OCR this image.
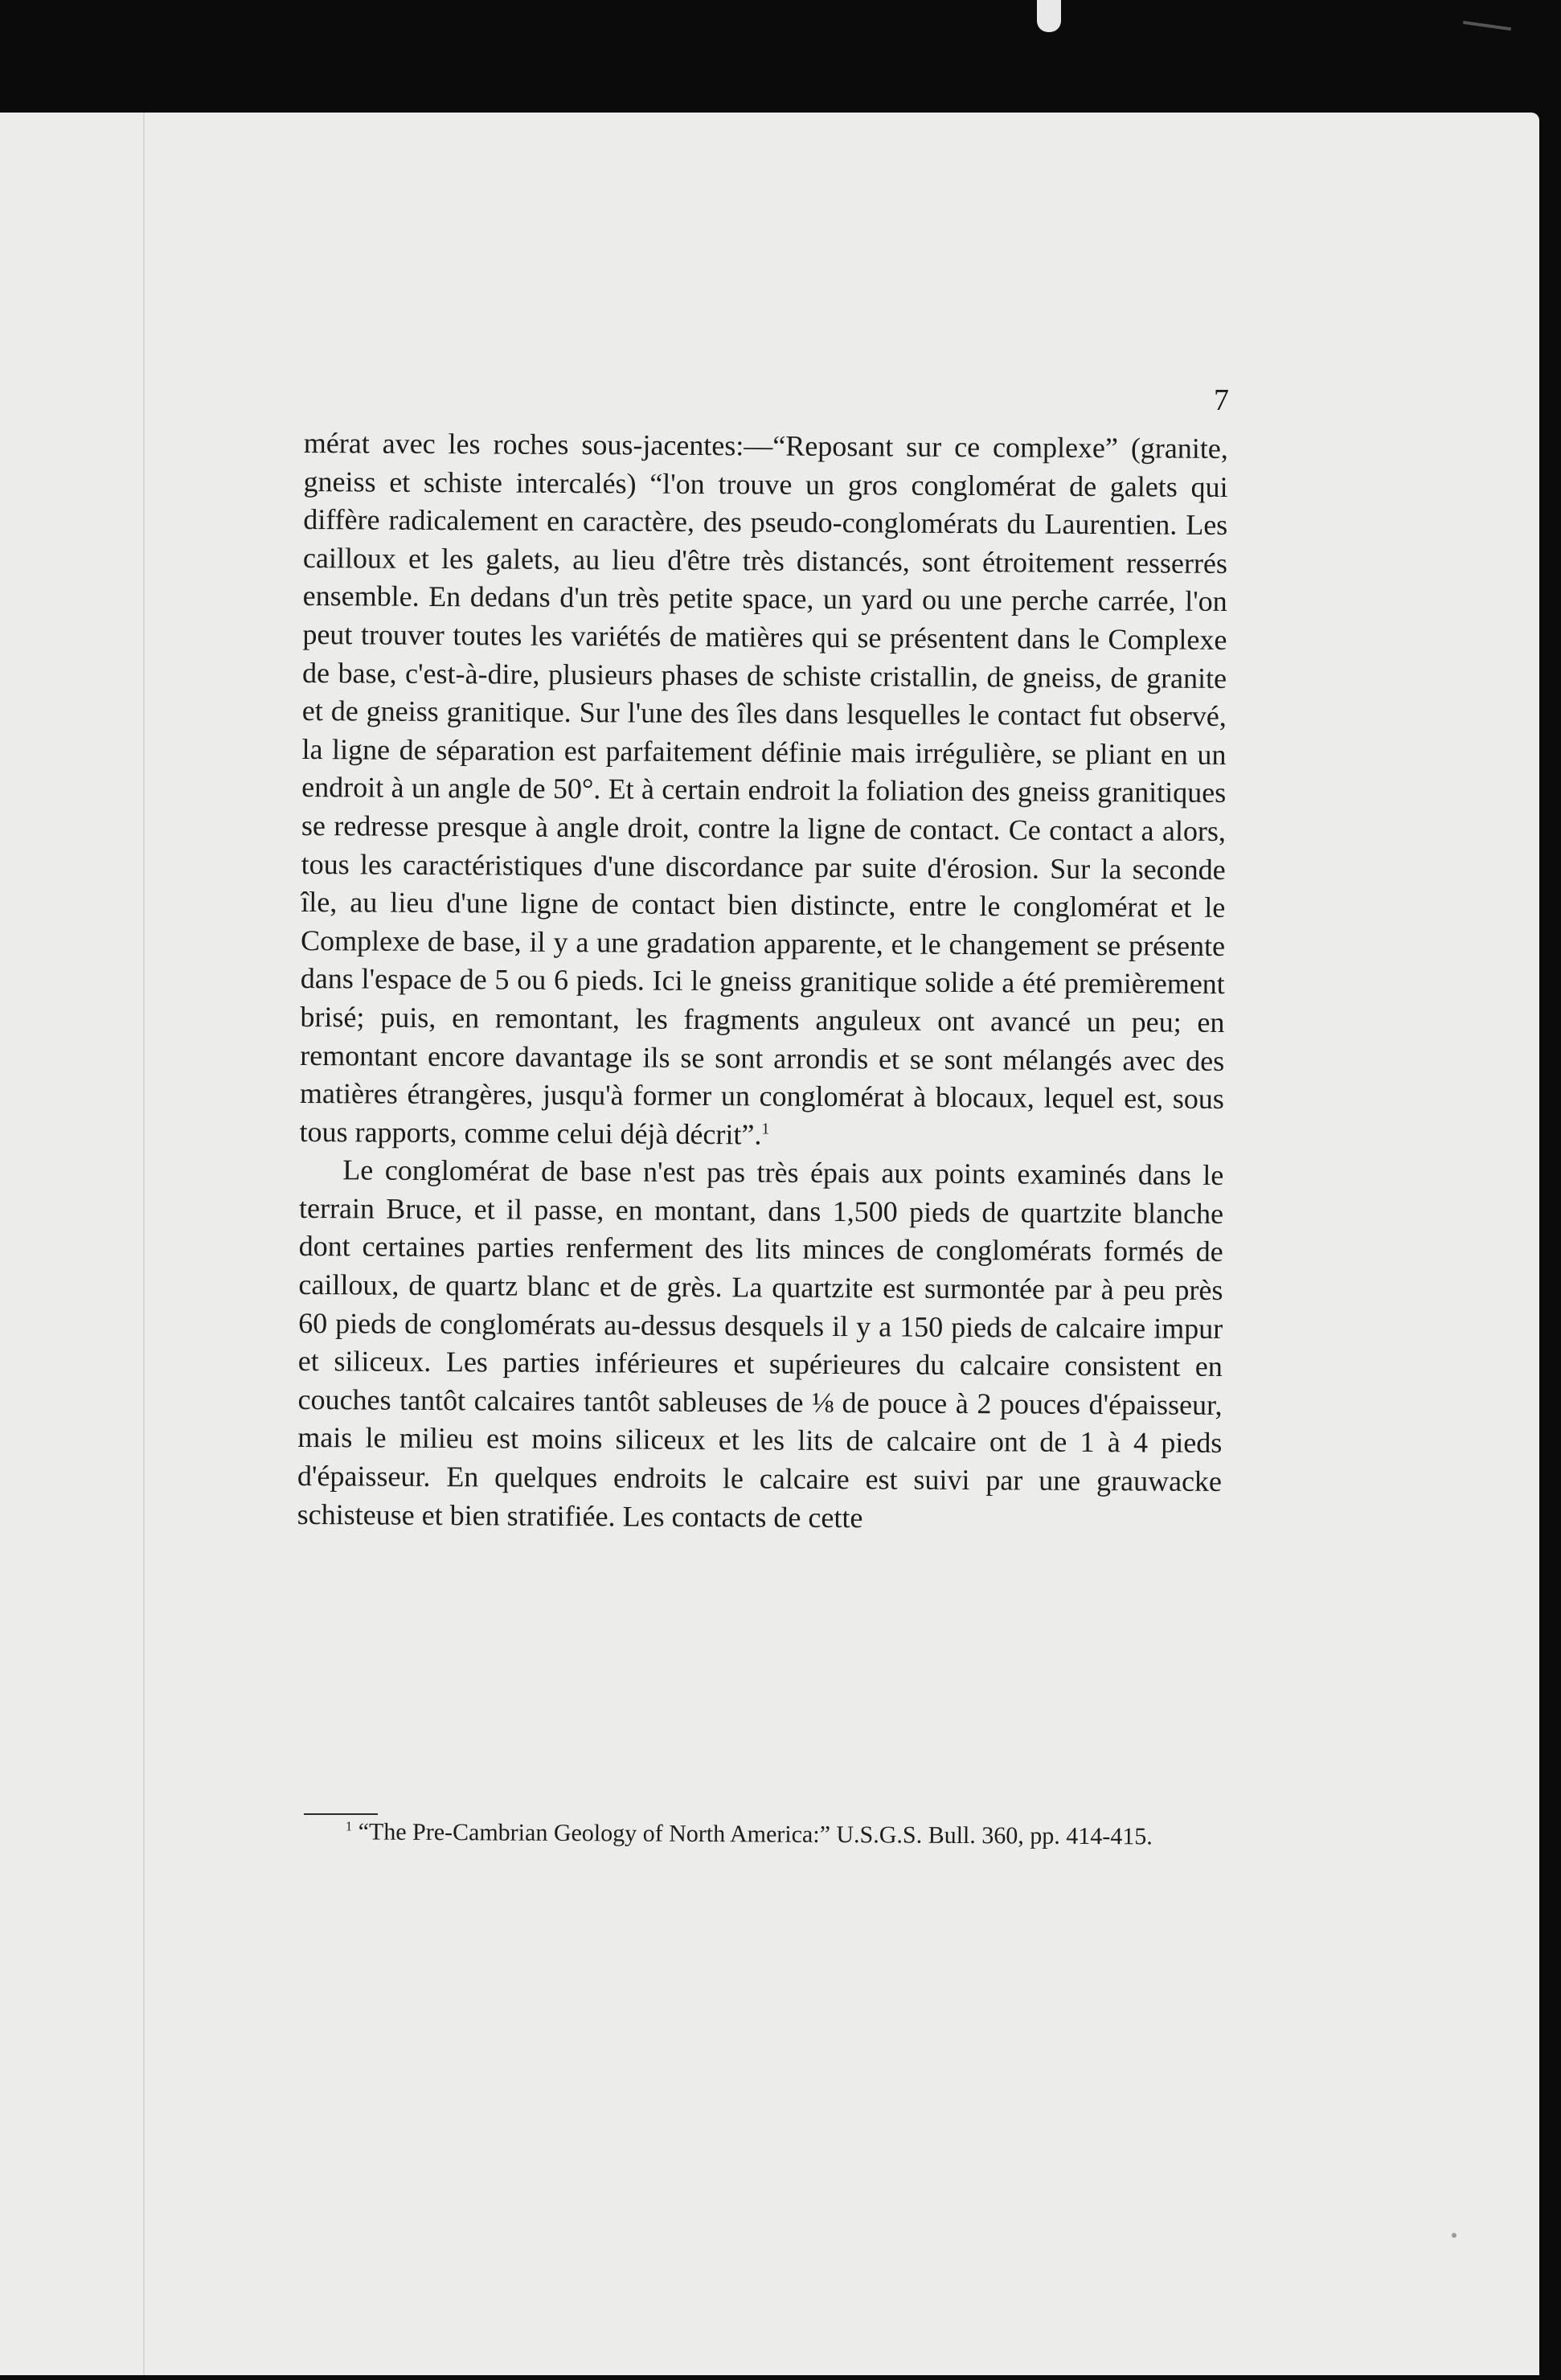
7

mérat avec les roches sous-jacentes:—“Reposant sur ce complexe” (granite, gneiss et schiste intercalés) “l'on trouve un gros conglomérat de galets qui diffère radicalement en caractère, des pseudo-conglomérats du Laurentien. Les cailloux et les galets, au lieu d'être très distancés, sont étroitement resserrés ensemble. En dedans d'un très petite space, un yard ou une perche carrée, l'on peut trouver toutes les variétés de matières qui se présentent dans le Complexe de base, c'est-à-dire, plusieurs phases de schiste cristallin, de gneiss, de granite et de gneiss granitique. Sur l'une des îles dans lesquelles le contact fut observé, la ligne de séparation est parfaitement définie mais irrégulière, se pliant en un endroit à un angle de 50°. Et à certain endroit la foliation des gneiss granitiques se redresse presque à angle droit, contre la ligne de contact. Ce contact a alors, tous les caractéristiques d'une discordance par suite d'érosion. Sur la seconde île, au lieu d'une ligne de contact bien distincte, entre le conglomérat et le Complexe de base, il y a une gradation apparente, et le changement se présente dans l'espace de 5 ou 6 pieds. Ici le gneiss granitique solide a été premièrement brisé; puis, en remontant, les fragments anguleux ont avancé un peu; en remontant encore davantage ils se sont arrondis et se sont mélangés avec des matières étrangères, jusqu'à former un conglomérat à blocaux, lequel est, sous tous rapports, comme celui déjà décrit”.$^1$

Le conglomérat de base n'est pas très épais aux points examinés dans le terrain Bruce, et il passe, en montant, dans 1,500 pieds de quartzite blanche dont certaines parties renferment des lits minces de conglomérats formés de cailloux, de quartz blanc et de grès. La quartzite est surmontée par à peu près 60 pieds de conglomérats au-dessus desquels il y a 150 pieds de calcaire impur et siliceux. Les parties inférieures et supérieures du calcaire consistent en couches tantôt calcaires tantôt sableuses de ⅛ de pouce à 2 pouces d'épaisseur, mais le milieu est moins siliceux et les lits de calcaire ont de 1 à 4 pieds d'épaisseur. En quelques endroits le calcaire est suivi par une grauwacke schisteuse et bien stratifiée. Les contacts de cette

$^1$ “The Pre-Cambrian Geology of North America:” U.S.G.S. Bull. 360, pp. 414-415.
